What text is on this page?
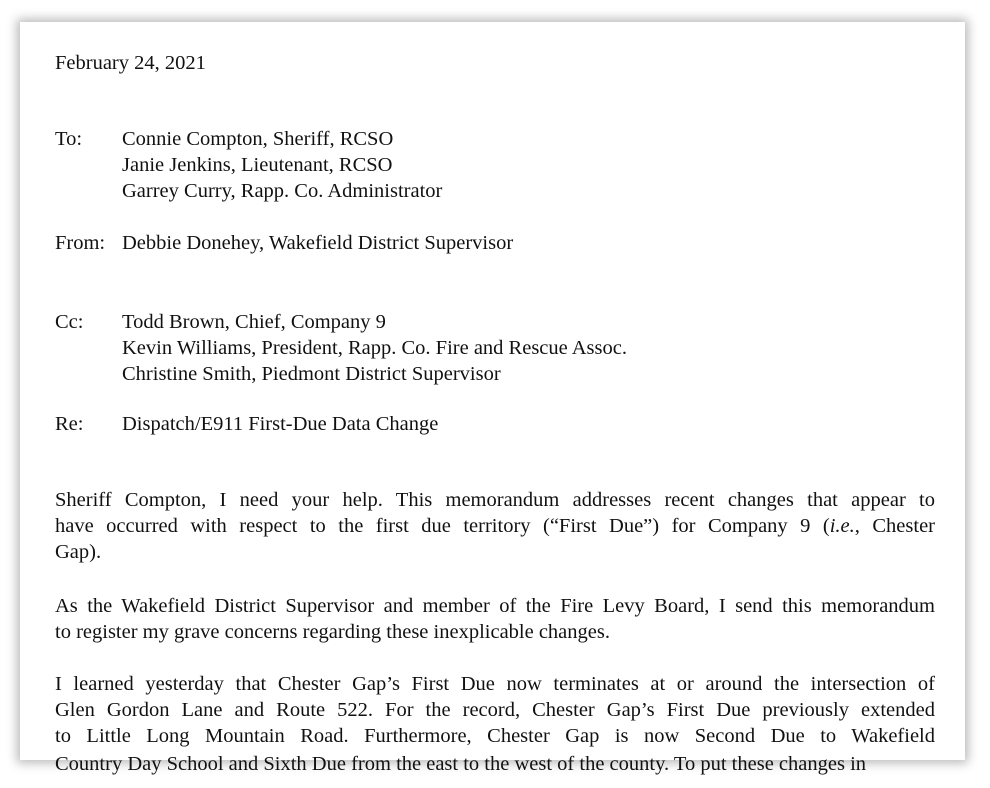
February 24, 2021
To: Connie Compton, Sheriff, RCSO
Janie Jenkins, Lieutenant, RCSO
Garrey Curry, Rapp. Co. Administrator
From: Debbie Donehey, Wakefield District Supervisor
Cc: Todd Brown, Chief, Company 9
Kevin Williams, President, Rapp. Co. Fire and Rescue Assoc.
Christine Smith, Piedmont District Supervisor
Re: Dispatch/E911 First-Due Data Change
Sheriff Compton, I need your help. This memorandum addresses recent changes that appear to
have occurred with respect to the first due territory (“First Due”) for Company 9 (i.e., Chester
Gap).
As the Wakefield District Supervisor and member of the Fire Levy Board, I send this memorandum
to register my grave concerns regarding these inexplicable changes.
I learned yesterday that Chester Gap’s First Due now terminates at or around the intersection of
Glen Gordon Lane and Route 522. For the record, Chester Gap’s First Due previously extended
to Little Long Mountain Road. Furthermore, Chester Gap is now Second Due to Wakefield
Country Day School and Sixth Due from the east to the west of the county. To put these changes in
